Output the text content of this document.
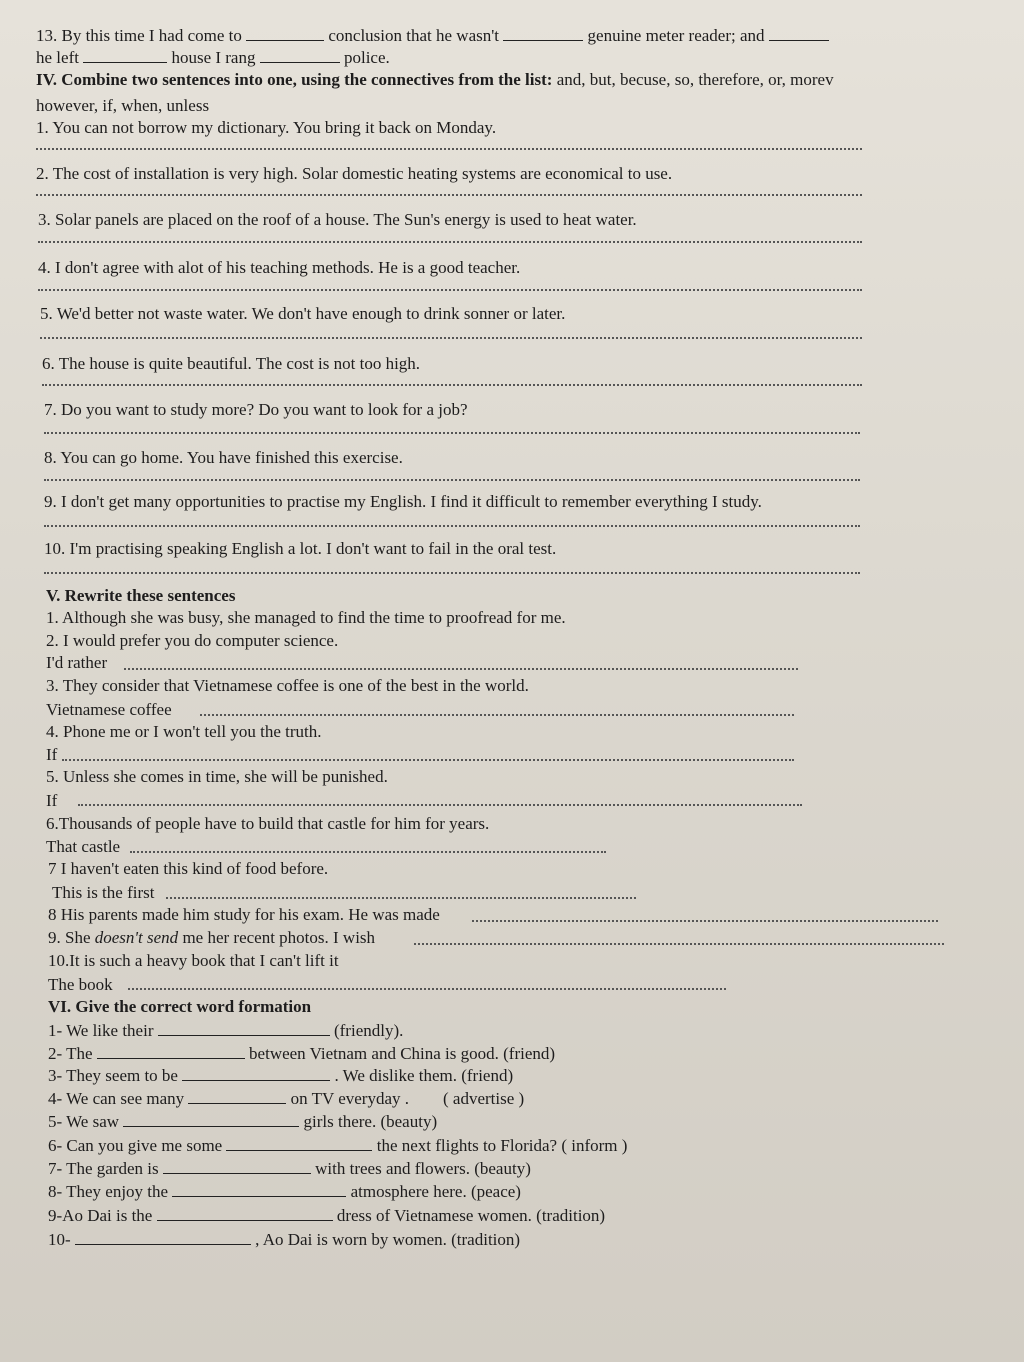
13. By this time I had come to	conclusion that he wasn't	genuine meter reader; and
he left	house I rang	police.
IV. Combine two sentences into one, using the connectives from the list: and, but, becuse, so, therefore, or, morev
however, if, when, unless
1. You can not borrow my dictionary. You bring it back on Monday.
2. The cost of installation is very high. Solar domestic heating systems are economical to use.
3. Solar panels are placed on the roof of a house. The Sun's energy is used to heat water.
4. I don't agree with alot of his teaching methods. He is a good teacher.
5. We'd better not waste water. We don't have enough to drink sonner or later.
6. The house is quite beautiful. The cost is not too high.
7. Do you want to study more? Do you want to look for a job?
8. You can go home. You have finished this exercise.
9. I don't get many opportunities to practise my English. I find it difficult to remember everything I study.
10. I'm practising speaking English a lot. I don't want to fail in the oral test.
V. Rewrite these sentences
1. Although she was busy, she managed to find the time to proofread for me.
2. I would prefer you do computer science.
I'd rather
3. They consider that Vietnamese coffee is one of the best in the world.
Vietnamese coffee
4. Phone me or I won't tell you the truth.
If
5. Unless she comes in time, she will be punished.
If
6.Thousands of people have to build that castle for him for years.
That castle
7 I haven't eaten this kind of food before.
This is the first
8 His parents made him study for his exam. He was made
9. She doesn't send me her recent photos. I wish
10.It is such a heavy book that I can't lift it
The book
VI. Give the correct word formation
1- We like their	(friendly).
2- The	between Vietnam and China is good. (friend)
3- They seem to be	. We dislike them. (friend)
4- We can see many	on TV everyday .        ( advertise )
5- We saw	girls there. (beauty)
6- Can you give me some	the next flights to Florida? ( inform )
7- The garden is	with trees and flowers. (beauty)
8- They enjoy the	atmosphere here. (peace)
9-Ao Dai is the	dress of Vietnamese women. (tradition)
10-	, Ao Dai is worn by women. (tradition)
